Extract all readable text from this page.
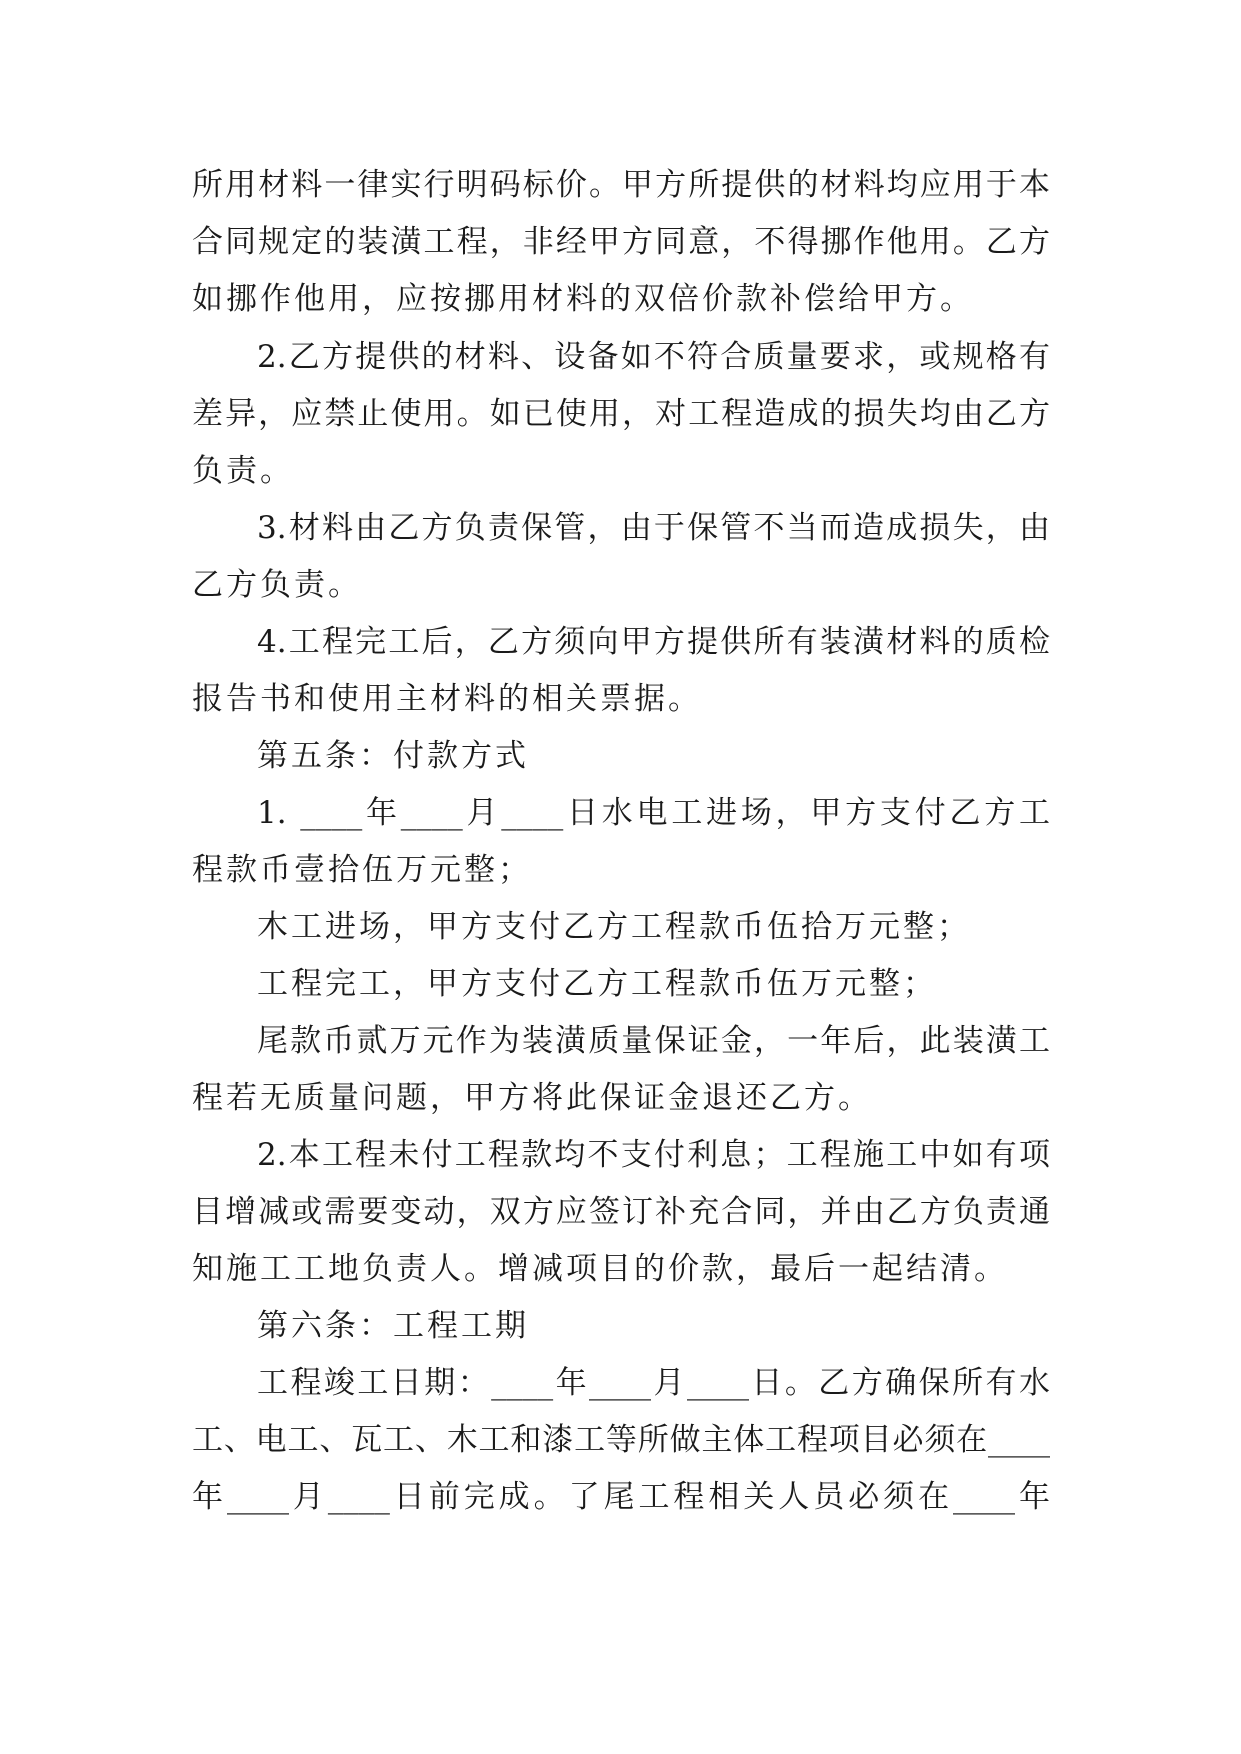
所用材料一律实行明码标价。甲方所提供的材料均应用于本
合同规定的装潢工程，非经甲方同意，不得挪作他用。乙方
如挪作他用，应按挪用材料的双倍价款补偿给甲方。
2.乙方提供的材料、设备如不符合质量要求，或规格有
差异，应禁止使用。如已使用，对工程造成的损失均由乙方
负责。
3.材料由乙方负责保管，由于保管不当而造成损失，由
乙方负责。
4.工程完工后，乙方须向甲方提供所有装潢材料的质检
报告书和使用主材料的相关票据。
第五条：付款方式
1. ____年____月____日水电工进场，甲方支付乙方工
程款币壹拾伍万元整；
木工进场，甲方支付乙方工程款币伍拾万元整；
工程完工，甲方支付乙方工程款币伍万元整；
尾款币贰万元作为装潢质量保证金，一年后，此装潢工
程若无质量问题，甲方将此保证金退还乙方。
2.本工程未付工程款均不支付利息；工程施工中如有项
目增减或需要变动，双方应签订补充合同，并由乙方负责通
知施工工地负责人。增减项目的价款，最后一起结清。
第六条：工程工期
工程竣工日期：____年____月____日。乙方确保所有水
工、电工、瓦工、木工和漆工等所做主体工程项目必须在____
年____月____日前完成。了尾工程相关人员必须在____年
